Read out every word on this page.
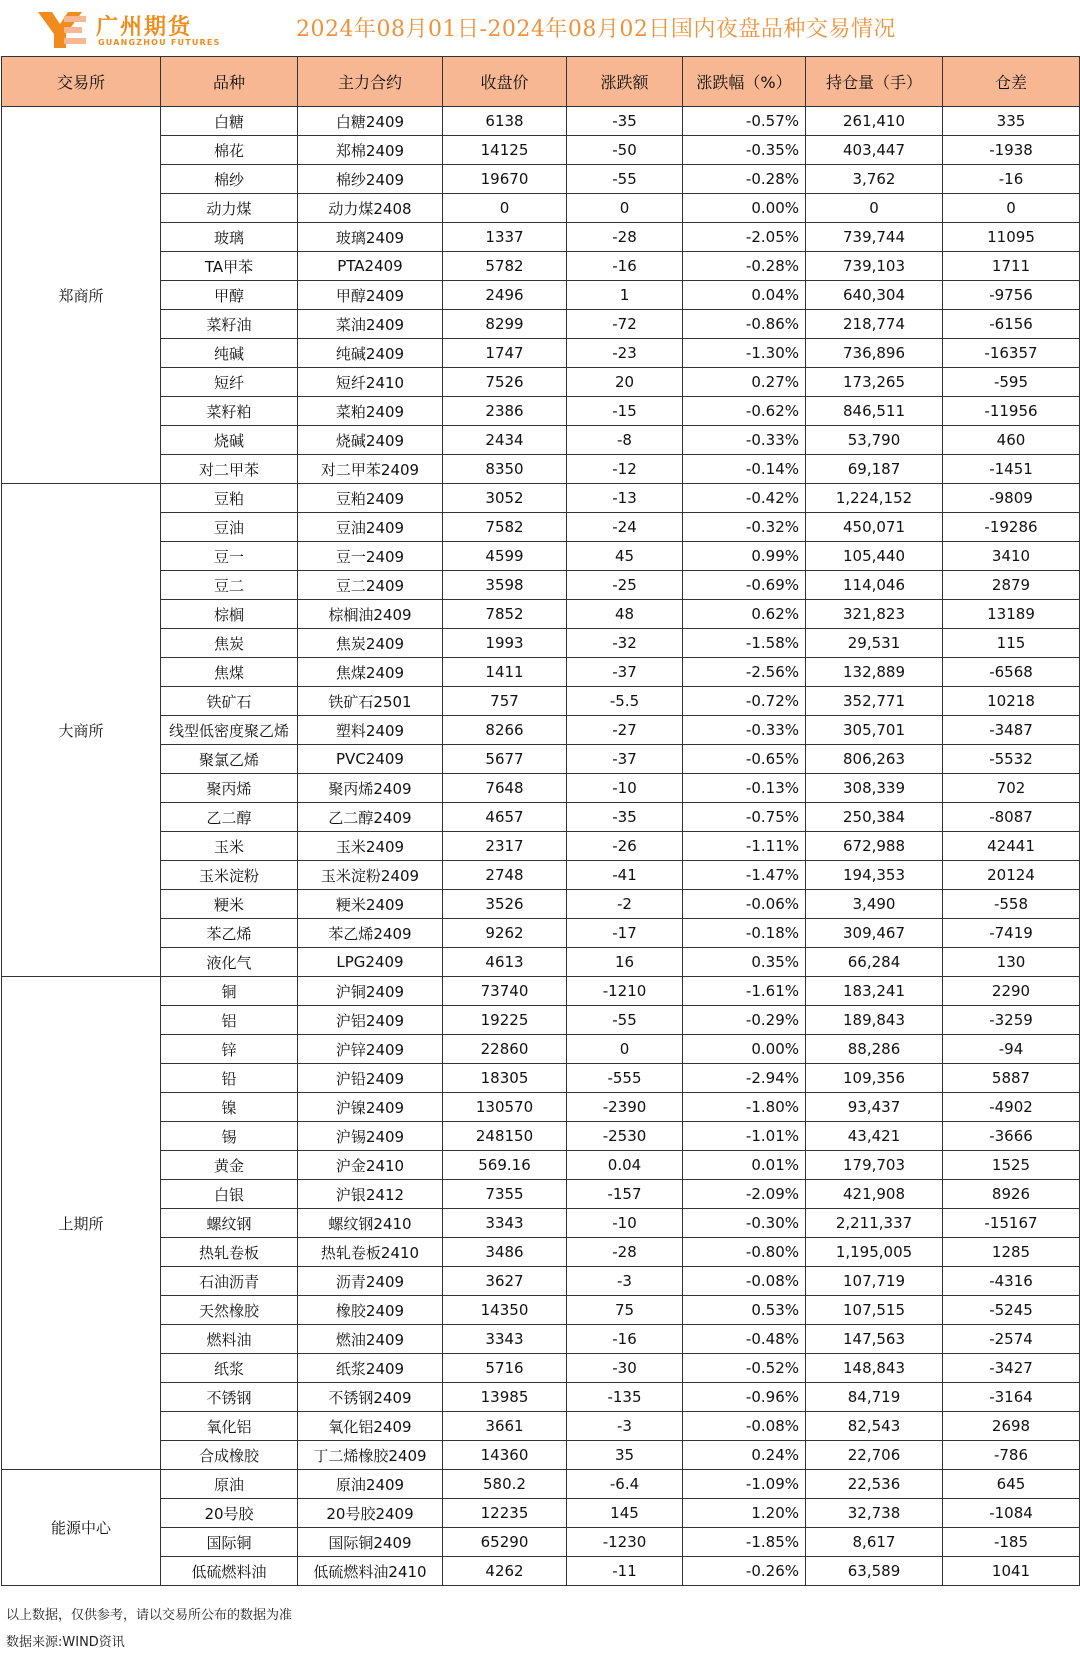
广州期货
GUANGZHOU FUTURES
2024年08月01日-2024年08月02日国内夜盘品种交易情况
交易所	品种	主力合约	收盘价	涨跌额	涨跌幅（%）	持仓量（手）	仓差
郑商所	白糖	白糖2409	6138	-35	-0.57%	261,410	335
	棉花	郑棉2409	14125	-50	-0.35%	403,447	-1938
	棉纱	棉纱2409	19670	-55	-0.28%	3,762	-16
	动力煤	动力煤2408	0	0	0.00%	0	0
	玻璃	玻璃2409	1337	-28	-2.05%	739,744	11095
	TA甲苯	PTA2409	5782	-16	-0.28%	739,103	1711
	甲醇	甲醇2409	2496	1	0.04%	640,304	-9756
	菜籽油	菜油2409	8299	-72	-0.86%	218,774	-6156
	纯碱	纯碱2409	1747	-23	-1.30%	736,896	-16357
	短纤	短纤2410	7526	20	0.27%	173,265	-595
	菜籽粕	菜粕2409	2386	-15	-0.62%	846,511	-11956
	烧碱	烧碱2409	2434	-8	-0.33%	53,790	460
	对二甲苯	对二甲苯2409	8350	-12	-0.14%	69,187	-1451
大商所	豆粕	豆粕2409	3052	-13	-0.42%	1,224,152	-9809
	豆油	豆油2409	7582	-24	-0.32%	450,071	-19286
	豆一	豆一2409	4599	45	0.99%	105,440	3410
	豆二	豆二2409	3598	-25	-0.69%	114,046	2879
	棕榈	棕榈油2409	7852	48	0.62%	321,823	13189
	焦炭	焦炭2409	1993	-32	-1.58%	29,531	115
	焦煤	焦煤2409	1411	-37	-2.56%	132,889	-6568
	铁矿石	铁矿石2501	757	-5.5	-0.72%	352,771	10218
	线型低密度聚乙烯	塑料2409	8266	-27	-0.33%	305,701	-3487
	聚氯乙烯	PVC2409	5677	-37	-0.65%	806,263	-5532
	聚丙烯	聚丙烯2409	7648	-10	-0.13%	308,339	702
	乙二醇	乙二醇2409	4657	-35	-0.75%	250,384	-8087
	玉米	玉米2409	2317	-26	-1.11%	672,988	42441
	玉米淀粉	玉米淀粉2409	2748	-41	-1.47%	194,353	20124
	粳米	粳米2409	3526	-2	-0.06%	3,490	-558
	苯乙烯	苯乙烯2409	9262	-17	-0.18%	309,467	-7419
	液化气	LPG2409	4613	16	0.35%	66,284	130
上期所	铜	沪铜2409	73740	-1210	-1.61%	183,241	2290
	铝	沪铝2409	19225	-55	-0.29%	189,843	-3259
	锌	沪锌2409	22860	0	0.00%	88,286	-94
	铅	沪铅2409	18305	-555	-2.94%	109,356	5887
	镍	沪镍2409	130570	-2390	-1.80%	93,437	-4902
	锡	沪锡2409	248150	-2530	-1.01%	43,421	-3666
	黄金	沪金2410	569.16	0.04	0.01%	179,703	1525
	白银	沪银2412	7355	-157	-2.09%	421,908	8926
	螺纹钢	螺纹钢2410	3343	-10	-0.30%	2,211,337	-15167
	热轧卷板	热轧卷板2410	3486	-28	-0.80%	1,195,005	1285
	石油沥青	沥青2409	3627	-3	-0.08%	107,719	-4316
	天然橡胶	橡胶2409	14350	75	0.53%	107,515	-5245
	燃料油	燃油2409	3343	-16	-0.48%	147,563	-2574
	纸浆	纸浆2409	5716	-30	-0.52%	148,843	-3427
	不锈钢	不锈钢2409	13985	-135	-0.96%	84,719	-3164
	氧化铝	氧化铝2409	3661	-3	-0.08%	82,543	2698
	合成橡胶	丁二烯橡胶2409	14360	35	0.24%	22,706	-786
能源中心	原油	原油2409	580.2	-6.4	-1.09%	22,536	645
	20号胶	20号胶2409	12235	145	1.20%	32,738	-1084
	国际铜	国际铜2409	65290	-1230	-1.85%	8,617	-185
	低硫燃料油	低硫燃料油2410	4262	-11	-0.26%	63,589	1041
以上数据，仅供参考，请以交易所公布的数据为准
数据来源:WIND资讯
